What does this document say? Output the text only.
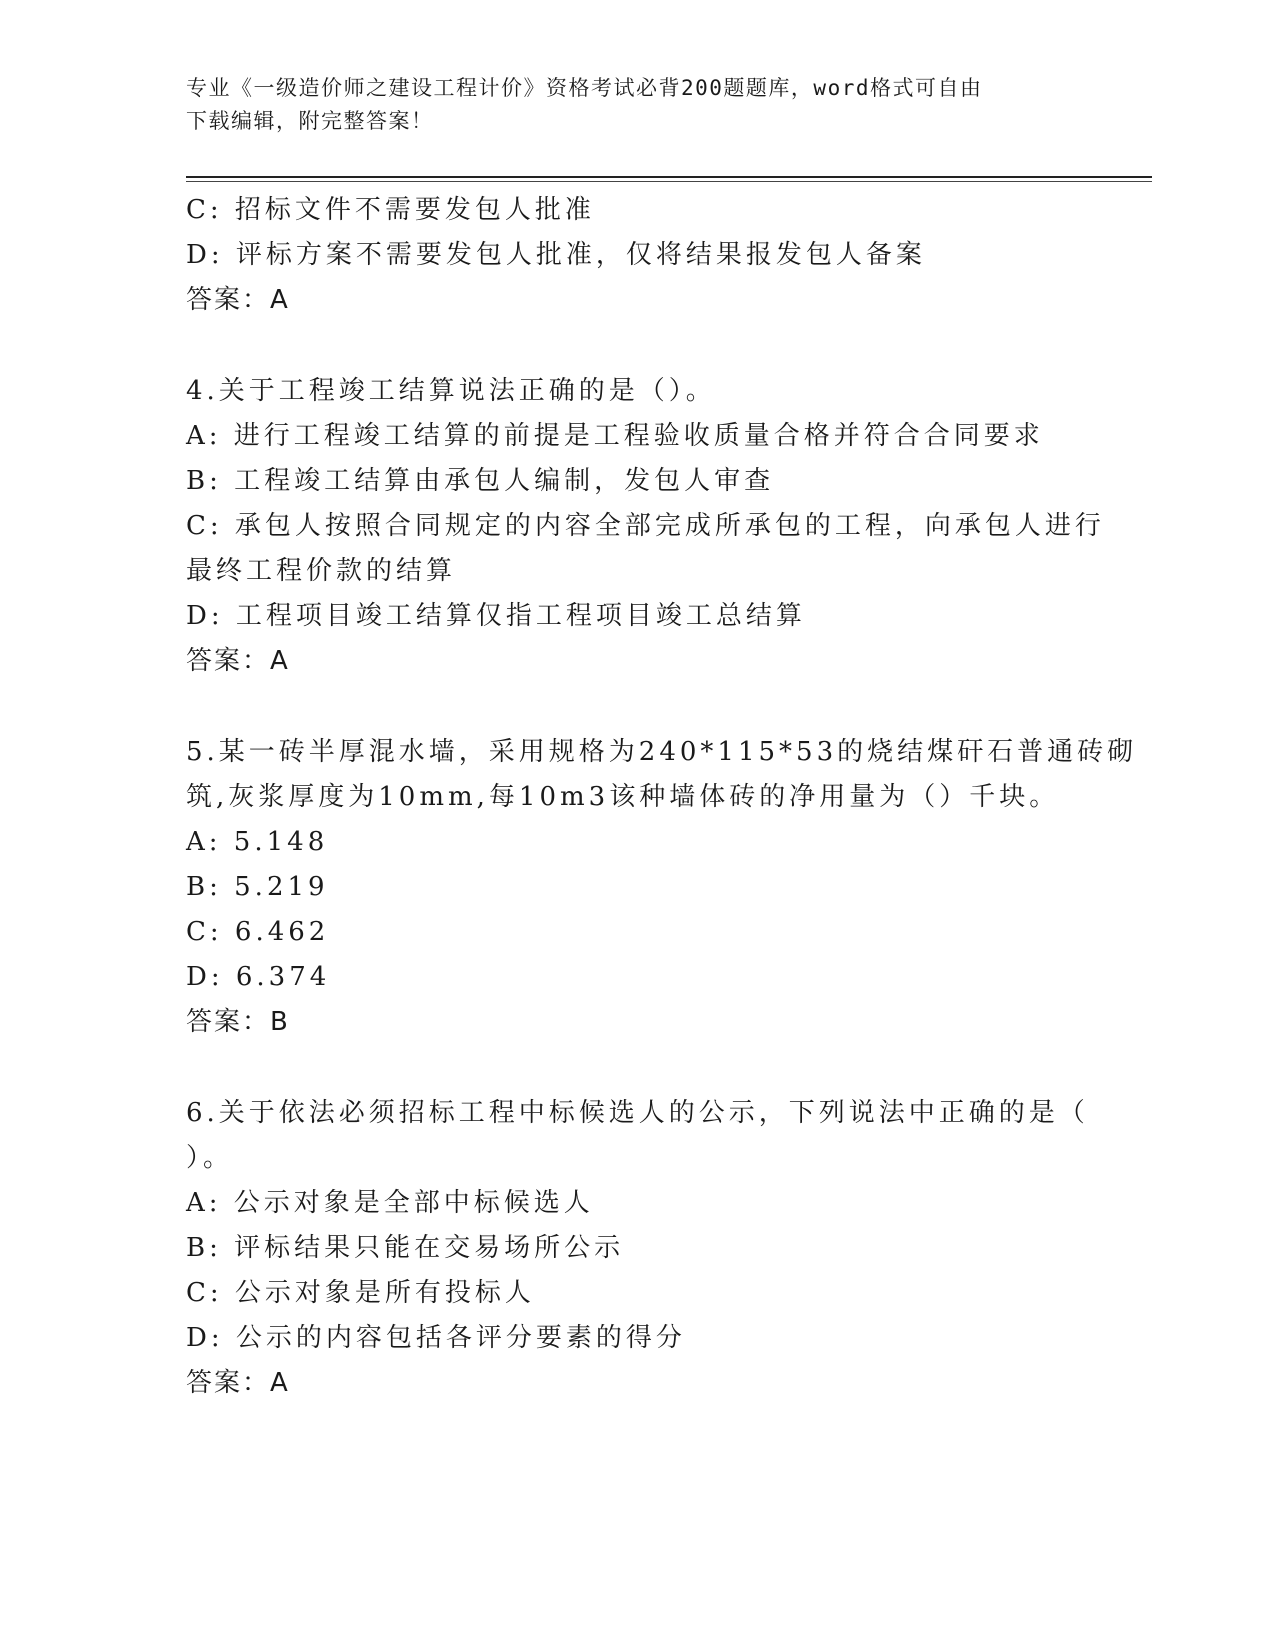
专业《一级造价师之建设工程计价》资格考试必背200题题库，word格式可自由
下载编辑，附完整答案！
C: 招标文件不需要发包人批准
D: 评标方案不需要发包人批准，仅将结果报发包人备案
答案：A
4.关于工程竣工结算说法正确的是（）。
A: 进行工程竣工结算的前提是工程验收质量合格并符合合同要求
B: 工程竣工结算由承包人编制，发包人审查
C: 承包人按照合同规定的内容全部完成所承包的工程，向承包人进行
最终工程价款的结算
D: 工程项目竣工结算仅指工程项目竣工总结算
答案：A
5.某一砖半厚混水墙，采用规格为240*115*53的烧结煤矸石普通砖砌
筑,灰浆厚度为10mm,每10m3该种墙体砖的净用量为（）千块。
A: 5.148
B: 5.219
C: 6.462
D: 6.374
答案：B
6.关于依法必须招标工程中标候选人的公示，下列说法中正确的是（
）。
A: 公示对象是全部中标候选人
B: 评标结果只能在交易场所公示
C: 公示对象是所有投标人
D: 公示的内容包括各评分要素的得分
答案：A
